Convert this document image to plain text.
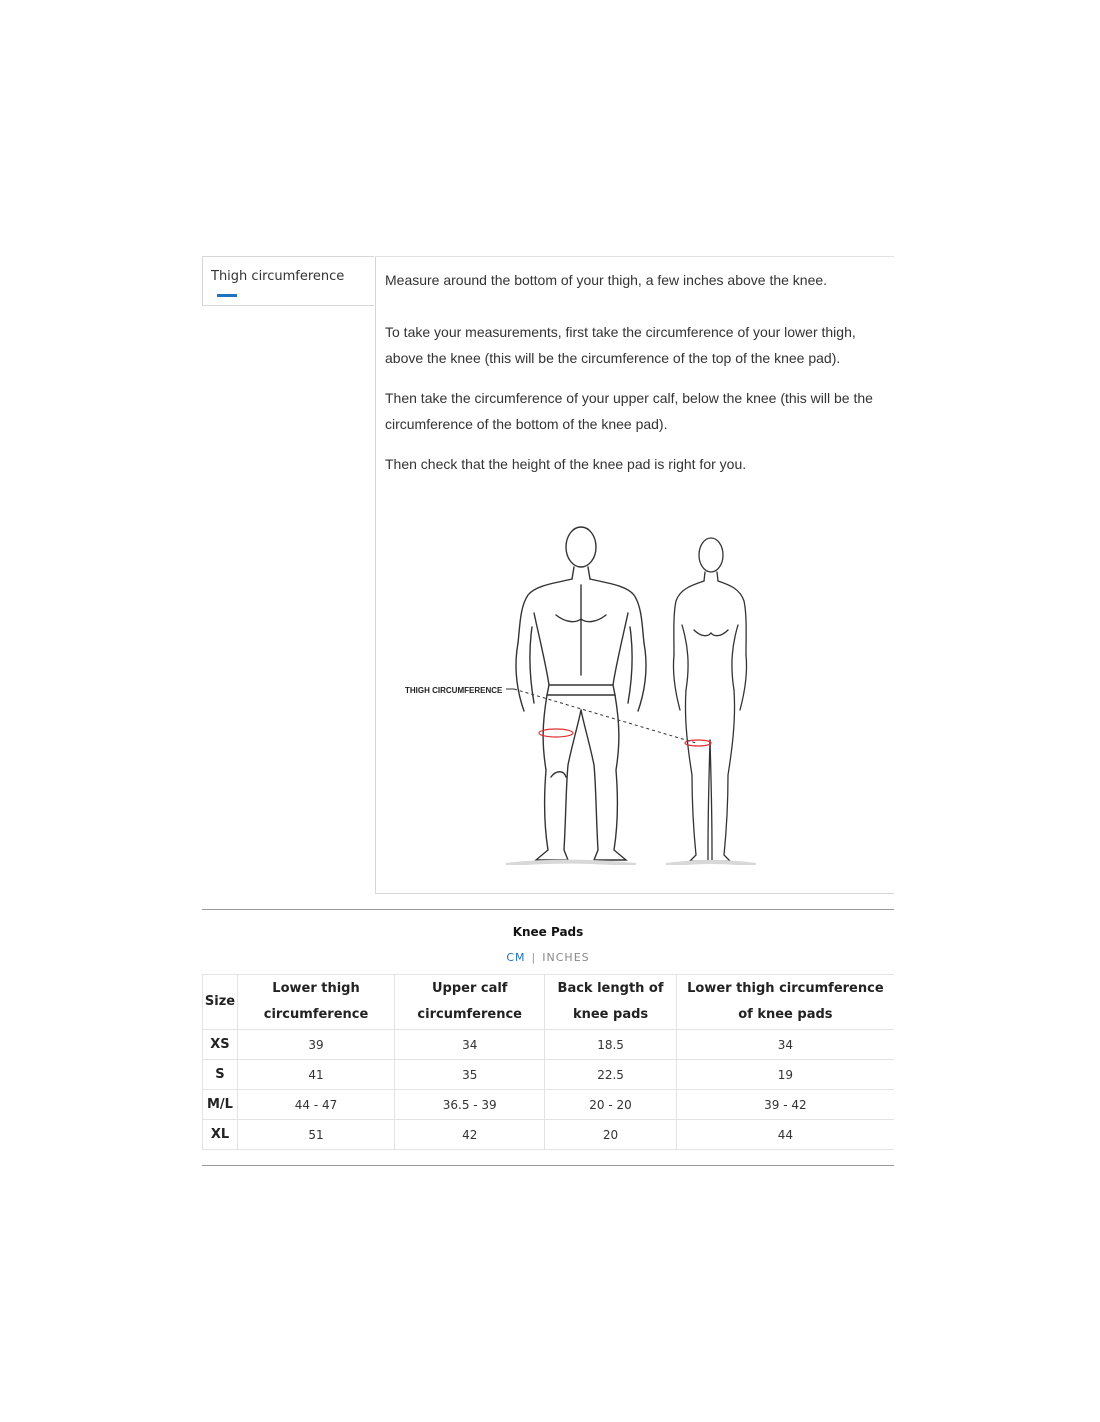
Thigh circumference	Measure around the bottom of your thigh, a few inches above the knee.

To take your measurements, first take the circumference of your lower thigh, above the knee (this will be the circumference of the top of the knee pad).

Then take the circumference of your upper calf, below the knee (this will be the circumference of the bottom of the knee pad).

Then check that the height of the knee pad is right for you.

THIGH CIRCUMFERENCE
Knee Pads
CM | INCHES
Size	Lower thigh circumference	Upper calf circumference	Back length of knee pads	Lower thigh circumference of knee pads
XS	39	34	18.5	34
S	41	35	22.5	19
M/L	44 - 47	36.5 - 39	20 - 20	39 - 42
XL	51	42	20	44
